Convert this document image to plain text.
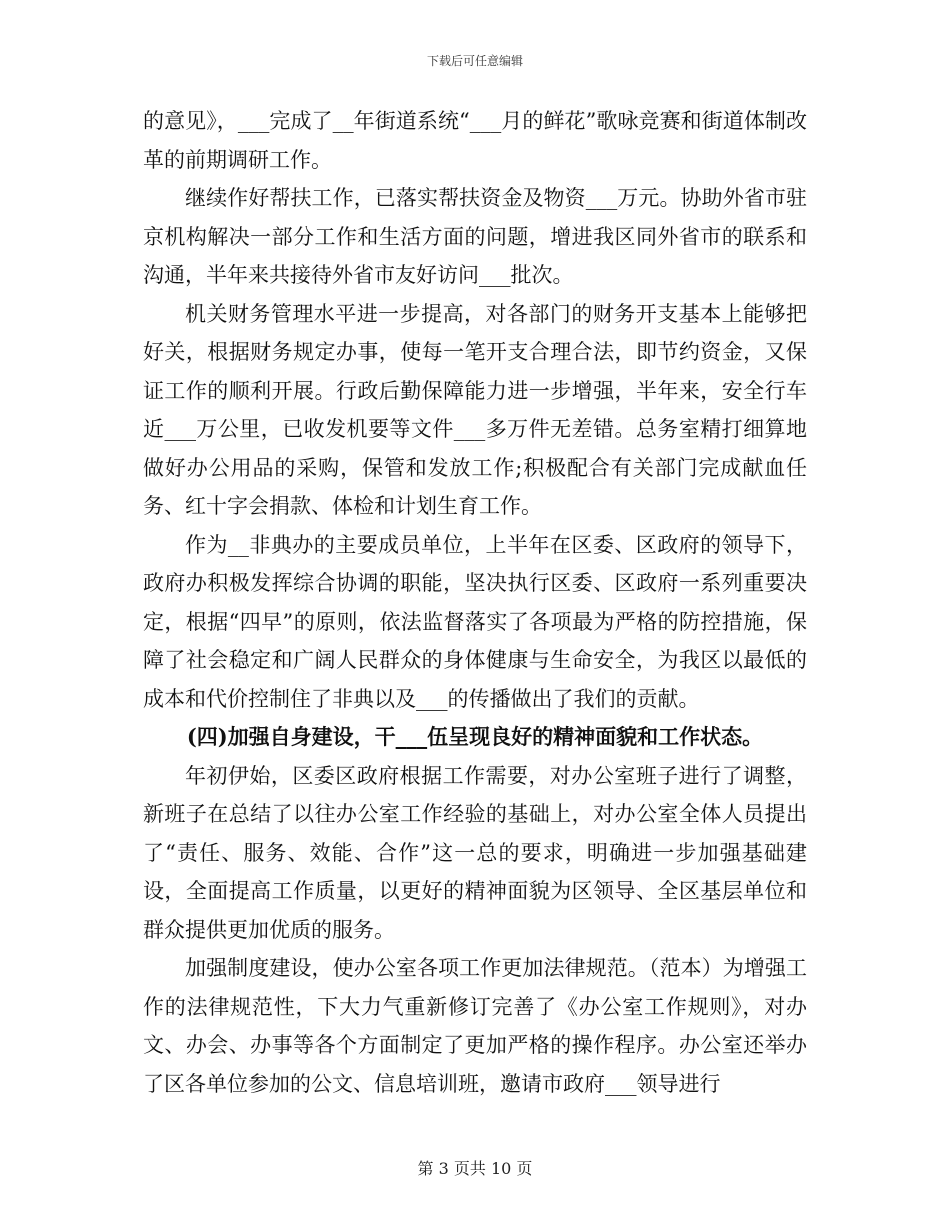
下载后可任意编辑

的意见》，___完成了__年街道系统“___月的鲜花”歌咏竞赛和街道体制改革的前期调研工作。

继续作好帮扶工作，已落实帮扶资金及物资___万元。协助外省市驻京机构解决一部分工作和生活方面的问题，增进我区同外省市的联系和沟通，半年来共接待外省市友好访问___批次。

机关财务管理水平进一步提高，对各部门的财务开支基本上能够把好关，根据财务规定办事，使每一笔开支合理合法，即节约资金，又保证工作的顺利开展。行政后勤保障能力进一步增强，半年来，安全行车近___万公里，已收发机要等文件___多万件无差错。总务室精打细算地做好办公用品的采购，保管和发放工作;积极配合有关部门完成献血任务、红十字会捐款、体检和计划生育工作。

作为__非典办的主要成员单位，上半年在区委、区政府的领导下，政府办积极发挥综合协调的职能，坚决执行区委、区政府一系列重要决定，根据“四早”的原则，依法监督落实了各项最为严格的防控措施，保障了社会稳定和广阔人民群众的身体健康与生命安全，为我区以最低的成本和代价控制住了非典以及___的传播做出了我们的贡献。

(四)加强自身建设，干___伍呈现良好的精神面貌和工作状态。

年初伊始，区委区政府根据工作需要，对办公室班子进行了调整，新班子在总结了以往办公室工作经验的基础上，对办公室全体人员提出了“责任、服务、效能、合作”这一总的要求，明确进一步加强基础建设，全面提高工作质量，以更好的精神面貌为区领导、全区基层单位和群众提供更加优质的服务。

加强制度建设，使办公室各项工作更加法律规范。（范本）为增强工作的法律规范性，下大力气重新修订完善了《办公室工作规则》，对办文、办会、办事等各个方面制定了更加严格的操作程序。办公室还举办了区各单位参加的公文、信息培训班，邀请市政府___领导进行

第 3 页共 10 页
